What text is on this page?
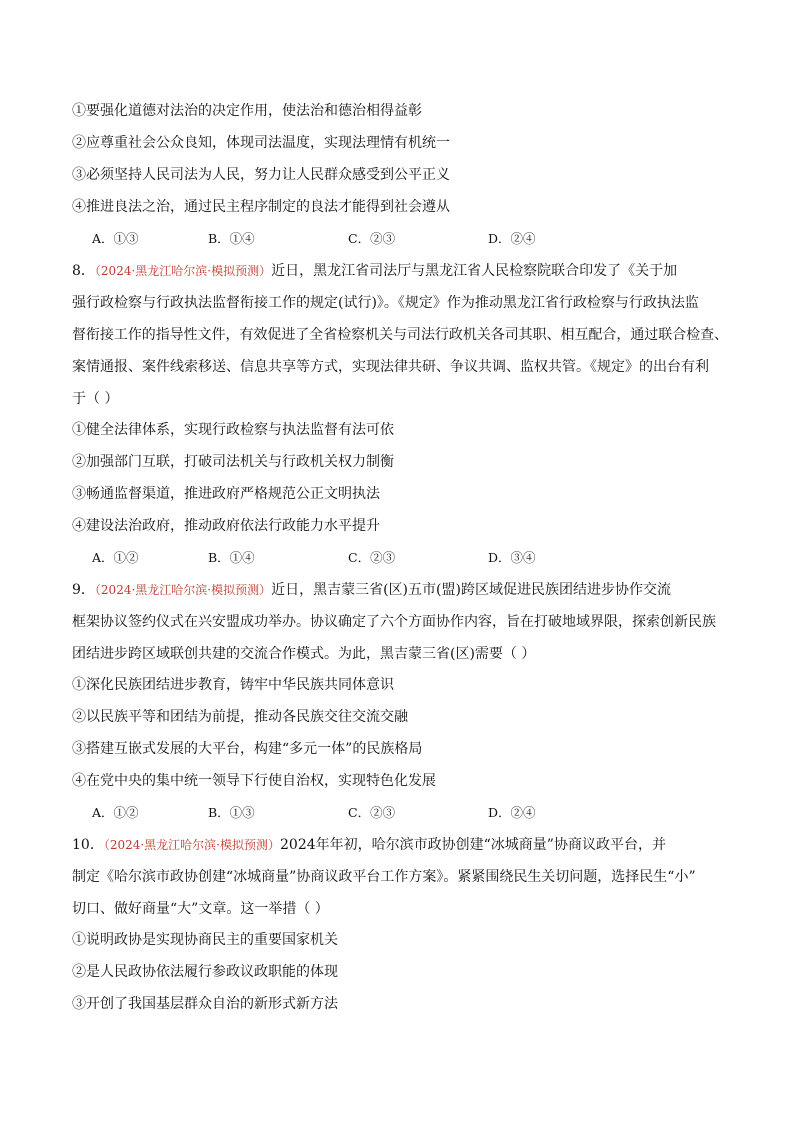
①要强化道德对法治的决定作用，使法治和德治相得益彰
②应尊重社会公众良知，体现司法温度，实现法理情有机统一
③必须坚持人民司法为人民，努力让人民群众感受到公平正义
④推进良法之治，通过民主程序制定的良法才能得到社会遵从
A．①③	B．①④	C．②③	D．②④
8．（2024·黑龙江哈尔滨·模拟预测）近日，黑龙江省司法厅与黑龙江省人民检察院联合印发了《关于加
强行政检察与行政执法监督衔接工作的规定(试行)》。《规定》作为推动黑龙江省行政检察与行政执法监
督衔接工作的指导性文件，有效促进了全省检察机关与司法行政机关各司其职、相互配合，通过联合检查、
案情通报、案件线索移送、信息共享等方式，实现法律共研、争议共调、监权共管。《规定》的出台有利
于（ ）
①健全法律体系，实现行政检察与执法监督有法可依
②加强部门互联，打破司法机关与行政机关权力制衡
③畅通监督渠道，推进政府严格规范公正文明执法
④建设法治政府，推动政府依法行政能力水平提升
A．①②	B．①④	C．②③	D．③④
9．（2024·黑龙江哈尔滨·模拟预测）近日，黑吉蒙三省(区)五市(盟)跨区域促进民族团结进步协作交流
框架协议签约仪式在兴安盟成功举办。协议确定了六个方面协作内容，旨在打破地域界限，探索创新民族
团结进步跨区域联创共建的交流合作模式。为此，黑吉蒙三省(区)需要（ ）
①深化民族团结进步教育，铸牢中华民族共同体意识
②以民族平等和团结为前提，推动各民族交往交流交融
③搭建互嵌式发展的大平台，构建“多元一体”的民族格局
④在党中央的集中统一领导下行使自治权，实现特色化发展
A．①②	B．①③	C．②③	D．②④
10．（2024·黑龙江哈尔滨·模拟预测）2024年年初，哈尔滨市政协创建“冰城商量”协商议政平台，并
制定《哈尔滨市政协创建“冰城商量”协商议政平台工作方案》。紧紧围绕民生关切问题，选择民生“小”
切口、做好商量“大”文章。这一举措（ ）
①说明政协是实现协商民主的重要国家机关
②是人民政协依法履行参政议政职能的体现
③开创了我国基层群众自治的新形式新方法
